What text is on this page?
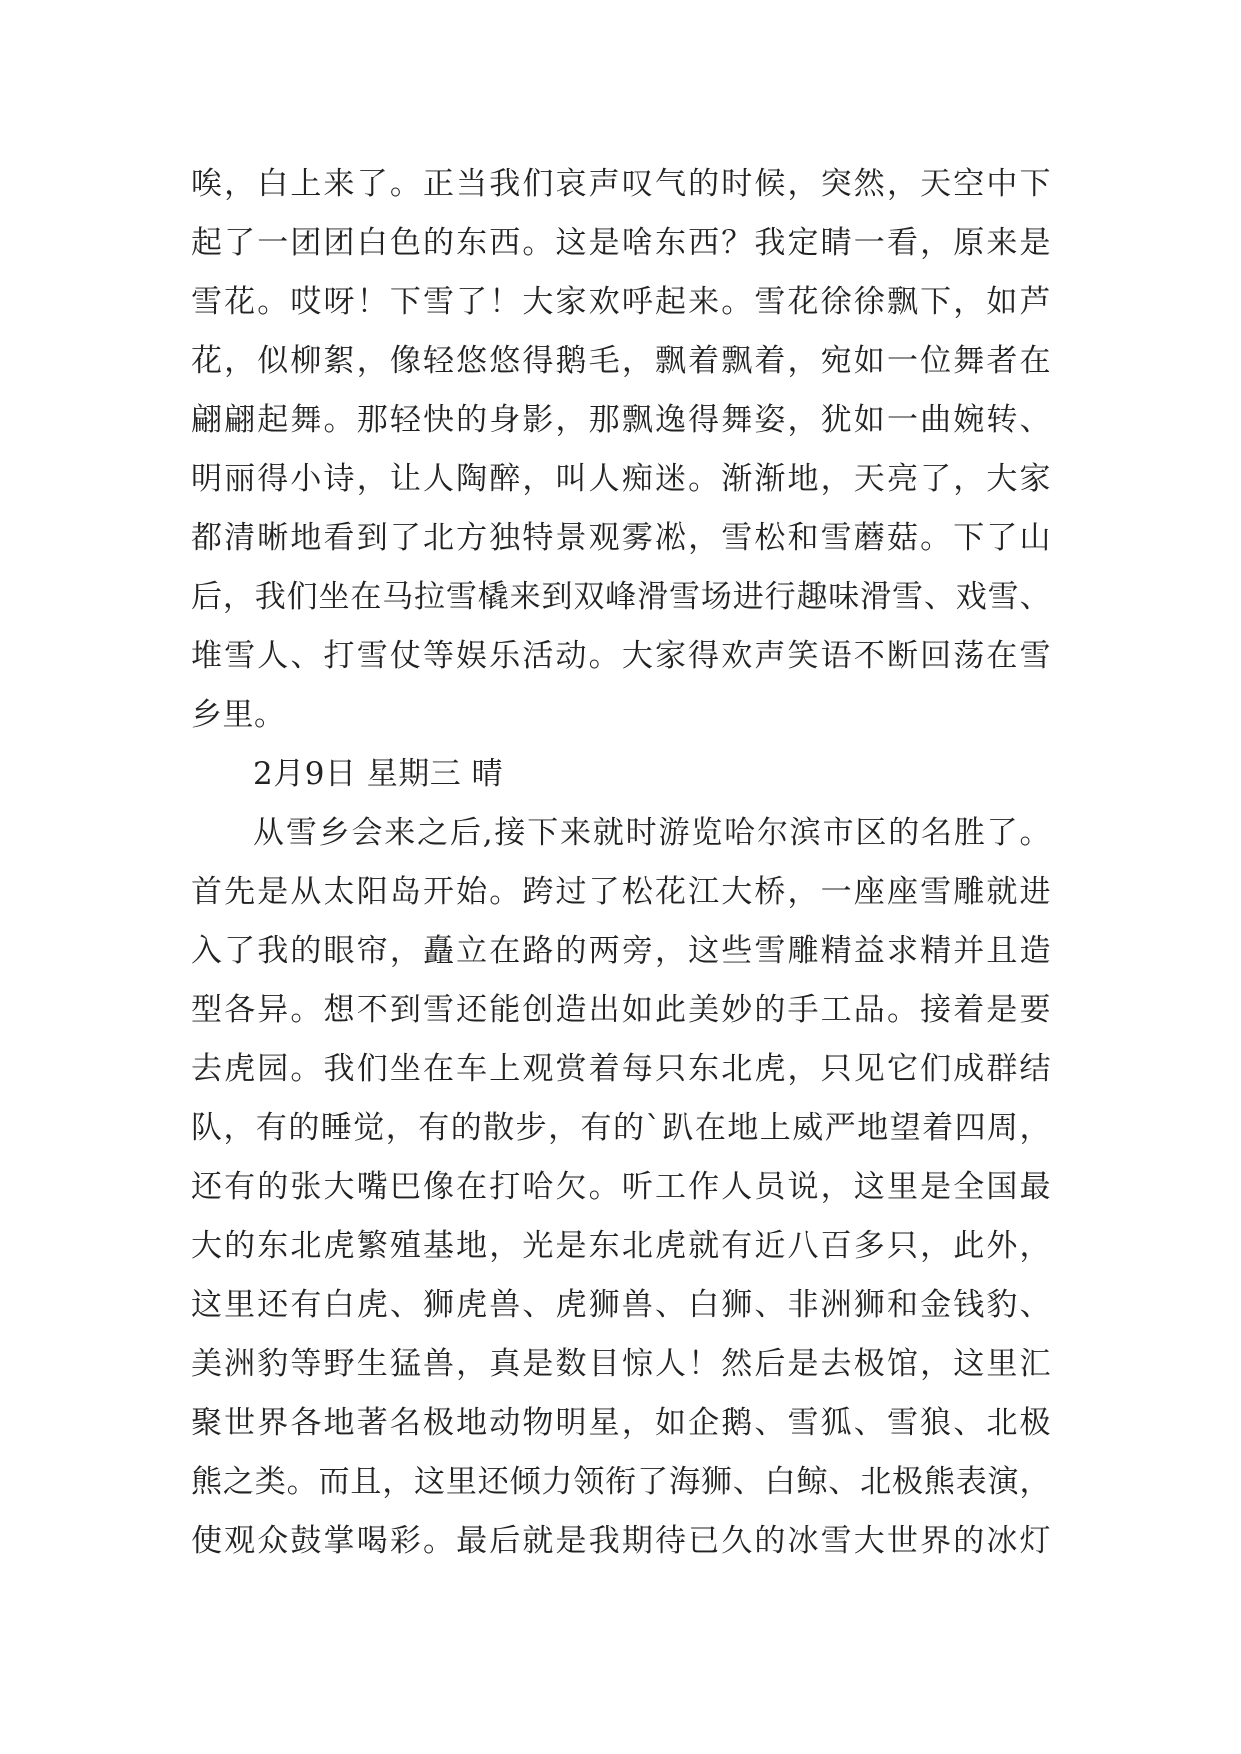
唉，白上来了。正当我们哀声叹气的时候，突然，天空中下
起了一团团白色的东西。这是啥东西？我定睛一看，原来是
雪花。哎呀！下雪了！大家欢呼起来。雪花徐徐飘下，如芦
花，似柳絮，像轻悠悠得鹅毛，飘着飘着，宛如一位舞者在
翩翩起舞。那轻快的身影，那飘逸得舞姿，犹如一曲婉转、
明丽得小诗，让人陶醉，叫人痴迷。渐渐地，天亮了，大家
都清晰地看到了北方独特景观雾凇，雪松和雪蘑菇。下了山
后，我们坐在马拉雪橇来到双峰滑雪场进行趣味滑雪、戏雪、
堆雪人、打雪仗等娱乐活动。大家得欢声笑语不断回荡在雪
乡里。
2月9日 星期三 晴
从雪乡会来之后,接下来就时游览哈尔滨市区的名胜了。
首先是从太阳岛开始。跨过了松花江大桥，一座座雪雕就进
入了我的眼帘，矗立在路的两旁，这些雪雕精益求精并且造
型各异。想不到雪还能创造出如此美妙的手工品。接着是要
去虎园。我们坐在车上观赏着每只东北虎，只见它们成群结
队，有的睡觉，有的散步，有的`趴在地上威严地望着四周，
还有的张大嘴巴像在打哈欠。听工作人员说，这里是全国最
大的东北虎繁殖基地，光是东北虎就有近八百多只，此外，
这里还有白虎、狮虎兽、虎狮兽、白狮、非洲狮和金钱豹、
美洲豹等野生猛兽，真是数目惊人！然后是去极馆，这里汇
聚世界各地著名极地动物明星，如企鹅、雪狐、雪狼、北极
熊之类。而且，这里还倾力领衔了海狮、白鲸、北极熊表演，
使观众鼓掌喝彩。最后就是我期待已久的冰雪大世界的冰灯
